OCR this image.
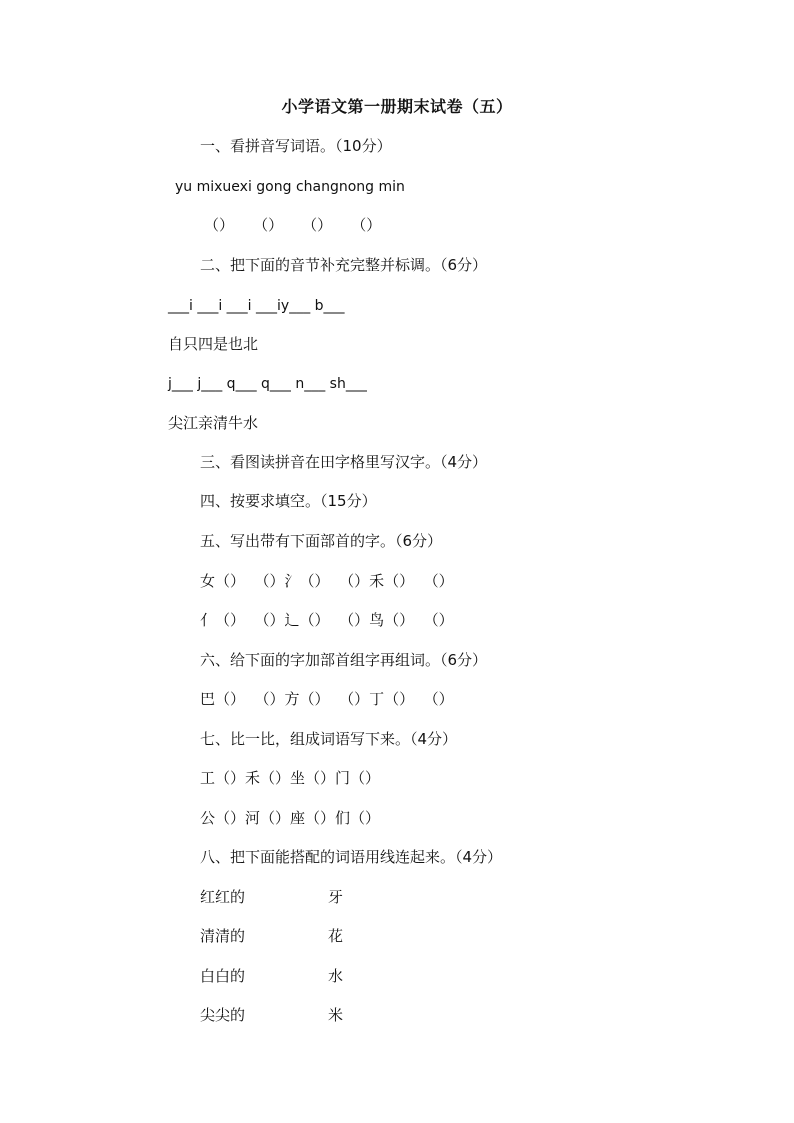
小学语文第一册期末试卷（五）
一、看拼音写词语。（10分）
yu mi̇xuexi gong changnong min
（）    （）    （）    （）
二、把下面的音节补充完整并标调。（6分）
___i ___i ___i ___iy___ b___
自只四是也北
j___ j___ q___ q___ n___ sh___
尖江亲清牛水
三、看图读拼音在田字格里写汉字。（4分）
四、按要求填空。（15分）
五、写出带有下面部首的字。（6分）
女（）  （）氵（）  （）禾（）  （）
亻（）  （）辶（）  （）鸟（）  （）
六、给下面的字加部首组字再组词。（6分）
巴（）  （）方（）  （）丁（）  （）
七、比一比，组成词语写下来。（4分）
工（）禾（）坐（）门（）
公（）河（）座（）们（）
八、把下面能搭配的词语用线连起来。（4分）
红红的	牙
清清的	花
白白的	水
尖尖的	米
